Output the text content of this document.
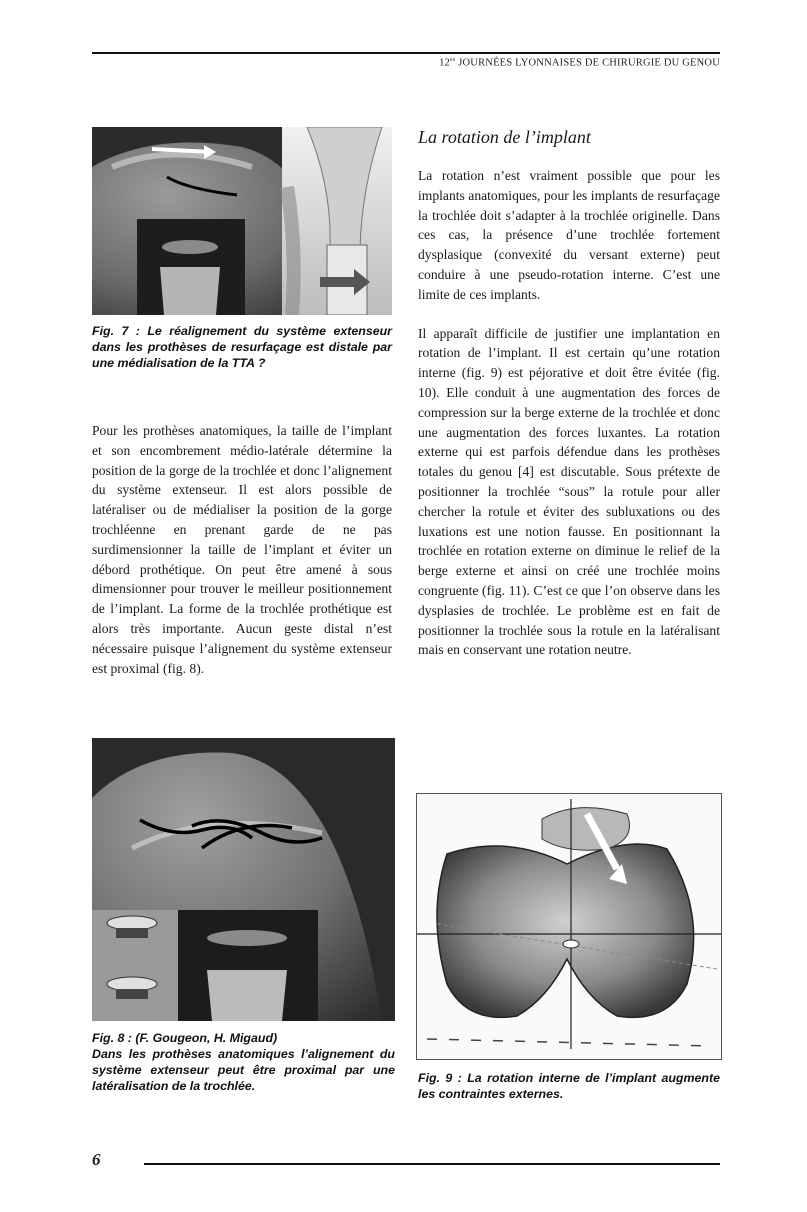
$12^{es}$ JOURNÉES LYONNAISES DE CHIRURGIE DU GENOU
Fig. 7 : Le réalignement du système extenseur dans les prothèses de resurfaçage est distale par une médialisation de la TTA ?

Pour les prothèses anatomiques, la taille de l’implant et son encombrement médio-latérale détermine la position de la gorge de la trochlée et donc l’alignement du système extenseur. Il est alors possible de latéraliser ou de médialiser la position de la gorge trochléenne en prenant garde de ne pas surdimensionner la taille de l’implant et éviter un débord prothétique. On peut être amené à sous dimensionner pour trouver le meilleur positionnement de l’implant. La forme de la trochlée prothétique est alors très importante. Aucun geste distal n’est nécessaire puisque l’alignement du système extenseur est proximal (fig. 8).

Fig. 8 : (F. Gougeon, H. Migaud)
Dans les prothèses anatomiques l’alignement du système extenseur peut être proximal par une latéralisation de la trochlée.
La rotation de l’implant

La rotation n’est vraiment possible que pour les implants anatomiques, pour les implants de resurfaçage la trochlée doit s’adapter à la trochlée originelle. Dans ces cas, la présence d’une trochlée fortement dysplasique (convexité du versant externe) peut conduire à une pseudo-rotation interne. C’est une limite de ces implants.

Il apparaît difficile de justifier une implantation en rotation de l’implant. Il est certain qu’une rotation interne (fig. 9) est péjorative et doit être évitée (fig. 10). Elle conduit à une augmentation des forces de compression sur la berge externe de la trochlée et donc une augmentation des forces luxantes. La rotation externe qui est parfois défendue dans les prothèses totales du genou [4] est discutable. Sous prétexte de positionner la trochlée “sous” la rotule pour aller chercher la rotule et éviter des subluxations ou des luxations est une notion fausse. En positionnant la trochlée en rotation externe on diminue le relief de la berge externe et ainsi on créé une trochlée moins congruente (fig. 11). C’est ce que l’on observe dans les dysplasies de trochlée. Le problème est en fait de positionner la trochlée sous la rotule en la latéralisant mais en conservant une rotation neutre.

Fig. 9 : La rotation interne de l’implant augmente les contraintes externes.
6
